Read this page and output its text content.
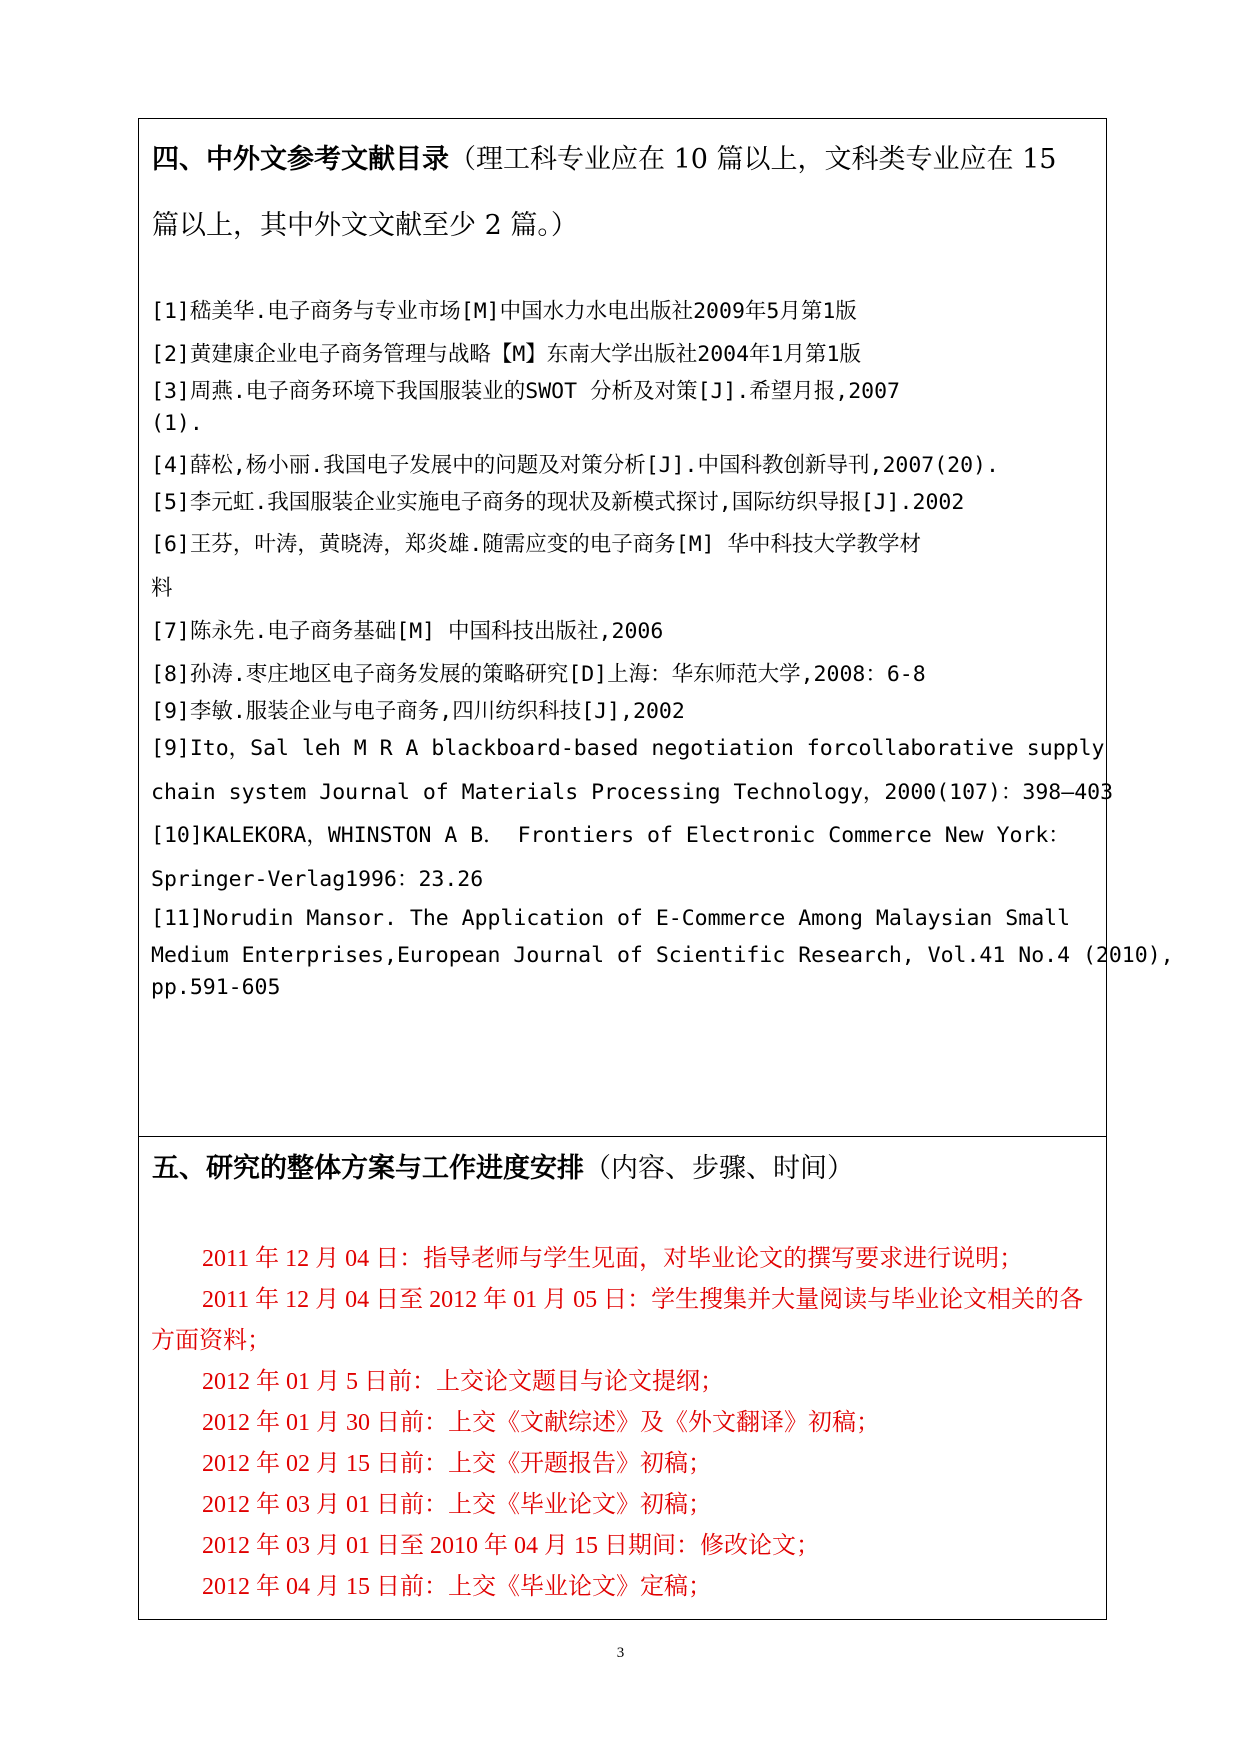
四、中外文参考文献目录（理工科专业应在 10 篇以上，文科类专业应在 15
篇以上，其中外文文献至少 2 篇。）
[1]嵇美华.电子商务与专业市场[M]中国水力水电出版社2009年5月第1版
[2]黄建康企业电子商务管理与战略【M】东南大学出版社2004年1月第1版
[3]周燕.电子商务环境下我国服装业的SWOT 分析及对策[J].希望月报,2007
(1).
[4]薛松,杨小丽.我国电子发展中的问题及对策分析[J].中国科教创新导刊,2007(20).
[5]李元虹.我国服装企业实施电子商务的现状及新模式探讨,国际纺织导报[J].2002
[6]王芬，叶涛，黄晓涛，郑炎雄.随需应变的电子商务[M] 华中科技大学教学材
料
[7]陈永先.电子商务基础[M] 中国科技出版社,2006
[8]孙涛.枣庄地区电子商务发展的策略研究[D]上海：华东师范大学,2008：6-8
[9]李敏.服装企业与电子商务,四川纺织科技[J],2002
[9]Ito，Sal leh M R A blackboard-based negotiation forcollaborative supply
chain system Journal of Materials Processing Technology，2000(107)：398—403
[10]KALEKORA，WHINSTON A B． Frontiers of Electronic Commerce New York：
Springer-Verlag1996：23.26
[11]Norudin Mansor. The Application of E-Commerce Among Malaysian Small
Medium Enterprises,European Journal of Scientific Research, Vol.41 No.4 (2010),
pp.591-605
五、研究的整体方案与工作进度安排（内容、步骤、时间）
2011 年 12 月 04 日：指导老师与学生见面，对毕业论文的撰写要求进行说明；
2011 年 12 月 04 日至 2012 年 01 月 05 日：学生搜集并大量阅读与毕业论文相关的各方面资料；
2012 年 01 月 5 日前：上交论文题目与论文提纲；
2012 年 01 月 30 日前：上交《文献综述》及《外文翻译》初稿；
2012 年 02 月 15 日前：上交《开题报告》初稿；
2012 年 03 月 01 日前：上交《毕业论文》初稿；
2012 年 03 月 01 日至 2010 年 04 月 15 日期间：修改论文；
2012 年 04 月 15 日前：上交《毕业论文》定稿；
3
